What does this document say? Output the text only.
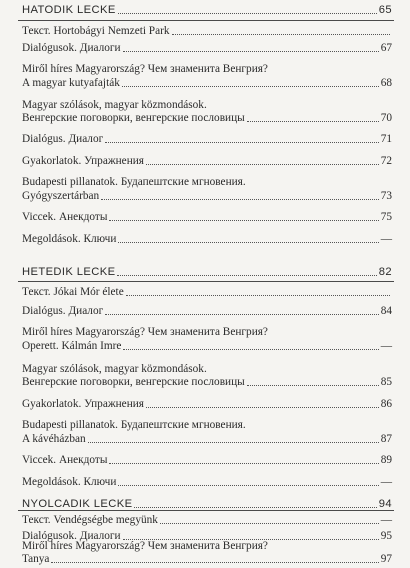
HATODIK LECKE	65
Текст. Hortobágyi Nemzeti Park
Dialógusok. Диалоги	67
Miről híres Magyarország? Чем знаменита Венгрия?
A magyar kutyafajták	68
Magyar szólások, magyar közmondások.
Венгерские поговорки, венгерские пословицы	70
Dialógus. Диалог	71
Gyakorlatok. Упражнения	72
Budapesti pillanatok. Будапештские мгновения.
Gyógyszertárban	73
Viccek. Анекдоты	75
Megoldások. Ключи	—
HETEDIK LECKE	82
Текст. Jókai Mór élete
Dialógus. Диалог	84
Miről híres Magyarország? Чем знаменита Венгрия?
Operett. Kálmán Imre	—
Magyar szólások, magyar közmondások.
Венгерские поговорки, венгерские пословицы	85
Gyakorlatok. Упражнения	86
Budapesti pillanatok. Будапештские мгновения.
A kávéházban	87
Viccek. Анекдоты	89
Megoldások. Ключи	—
NYOLCADIK LECKE	94
Текст. Vendégségbe megyünk	—
Dialógusok. Диалоги	95
Miről híres Magyarország? Чем знаменита Венгрия?
Tanya	97
